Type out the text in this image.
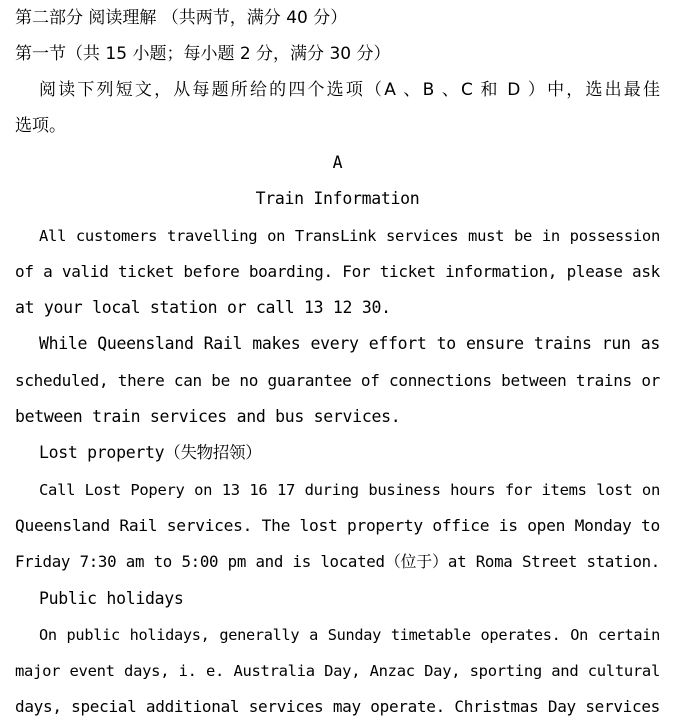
第二部分 阅读理解 （共两节，满分 40 分）
第一节（共 15 小题；每小题 2 分，满分 30 分）
阅读下列短文，从每题所给的四个选项（A 、B 、C 和 D ）中，选出最佳
选项。
A
Train Information
All customers travelling on TransLink services must be in possession
of a valid ticket before boarding. For ticket information, please ask
at your local station or call 13 12 30.
While Queensland Rail makes every effort to ensure trains run as
scheduled, there can be no guarantee of connections between trains or
between train services and bus services.
Lost property（失物招领）
Call Lost Popery on 13 16 17 during business hours for items lost on
Queensland Rail services. The lost property office is open Monday to
Friday 7:30 am to 5:00 pm and is located（位于）at Roma Street station.
Public holidays
On public holidays, generally a Sunday timetable operates. On certain
major event days, i. e. Australia Day, Anzac Day, sporting and cultural
days, special additional services may operate. Christmas Day services
